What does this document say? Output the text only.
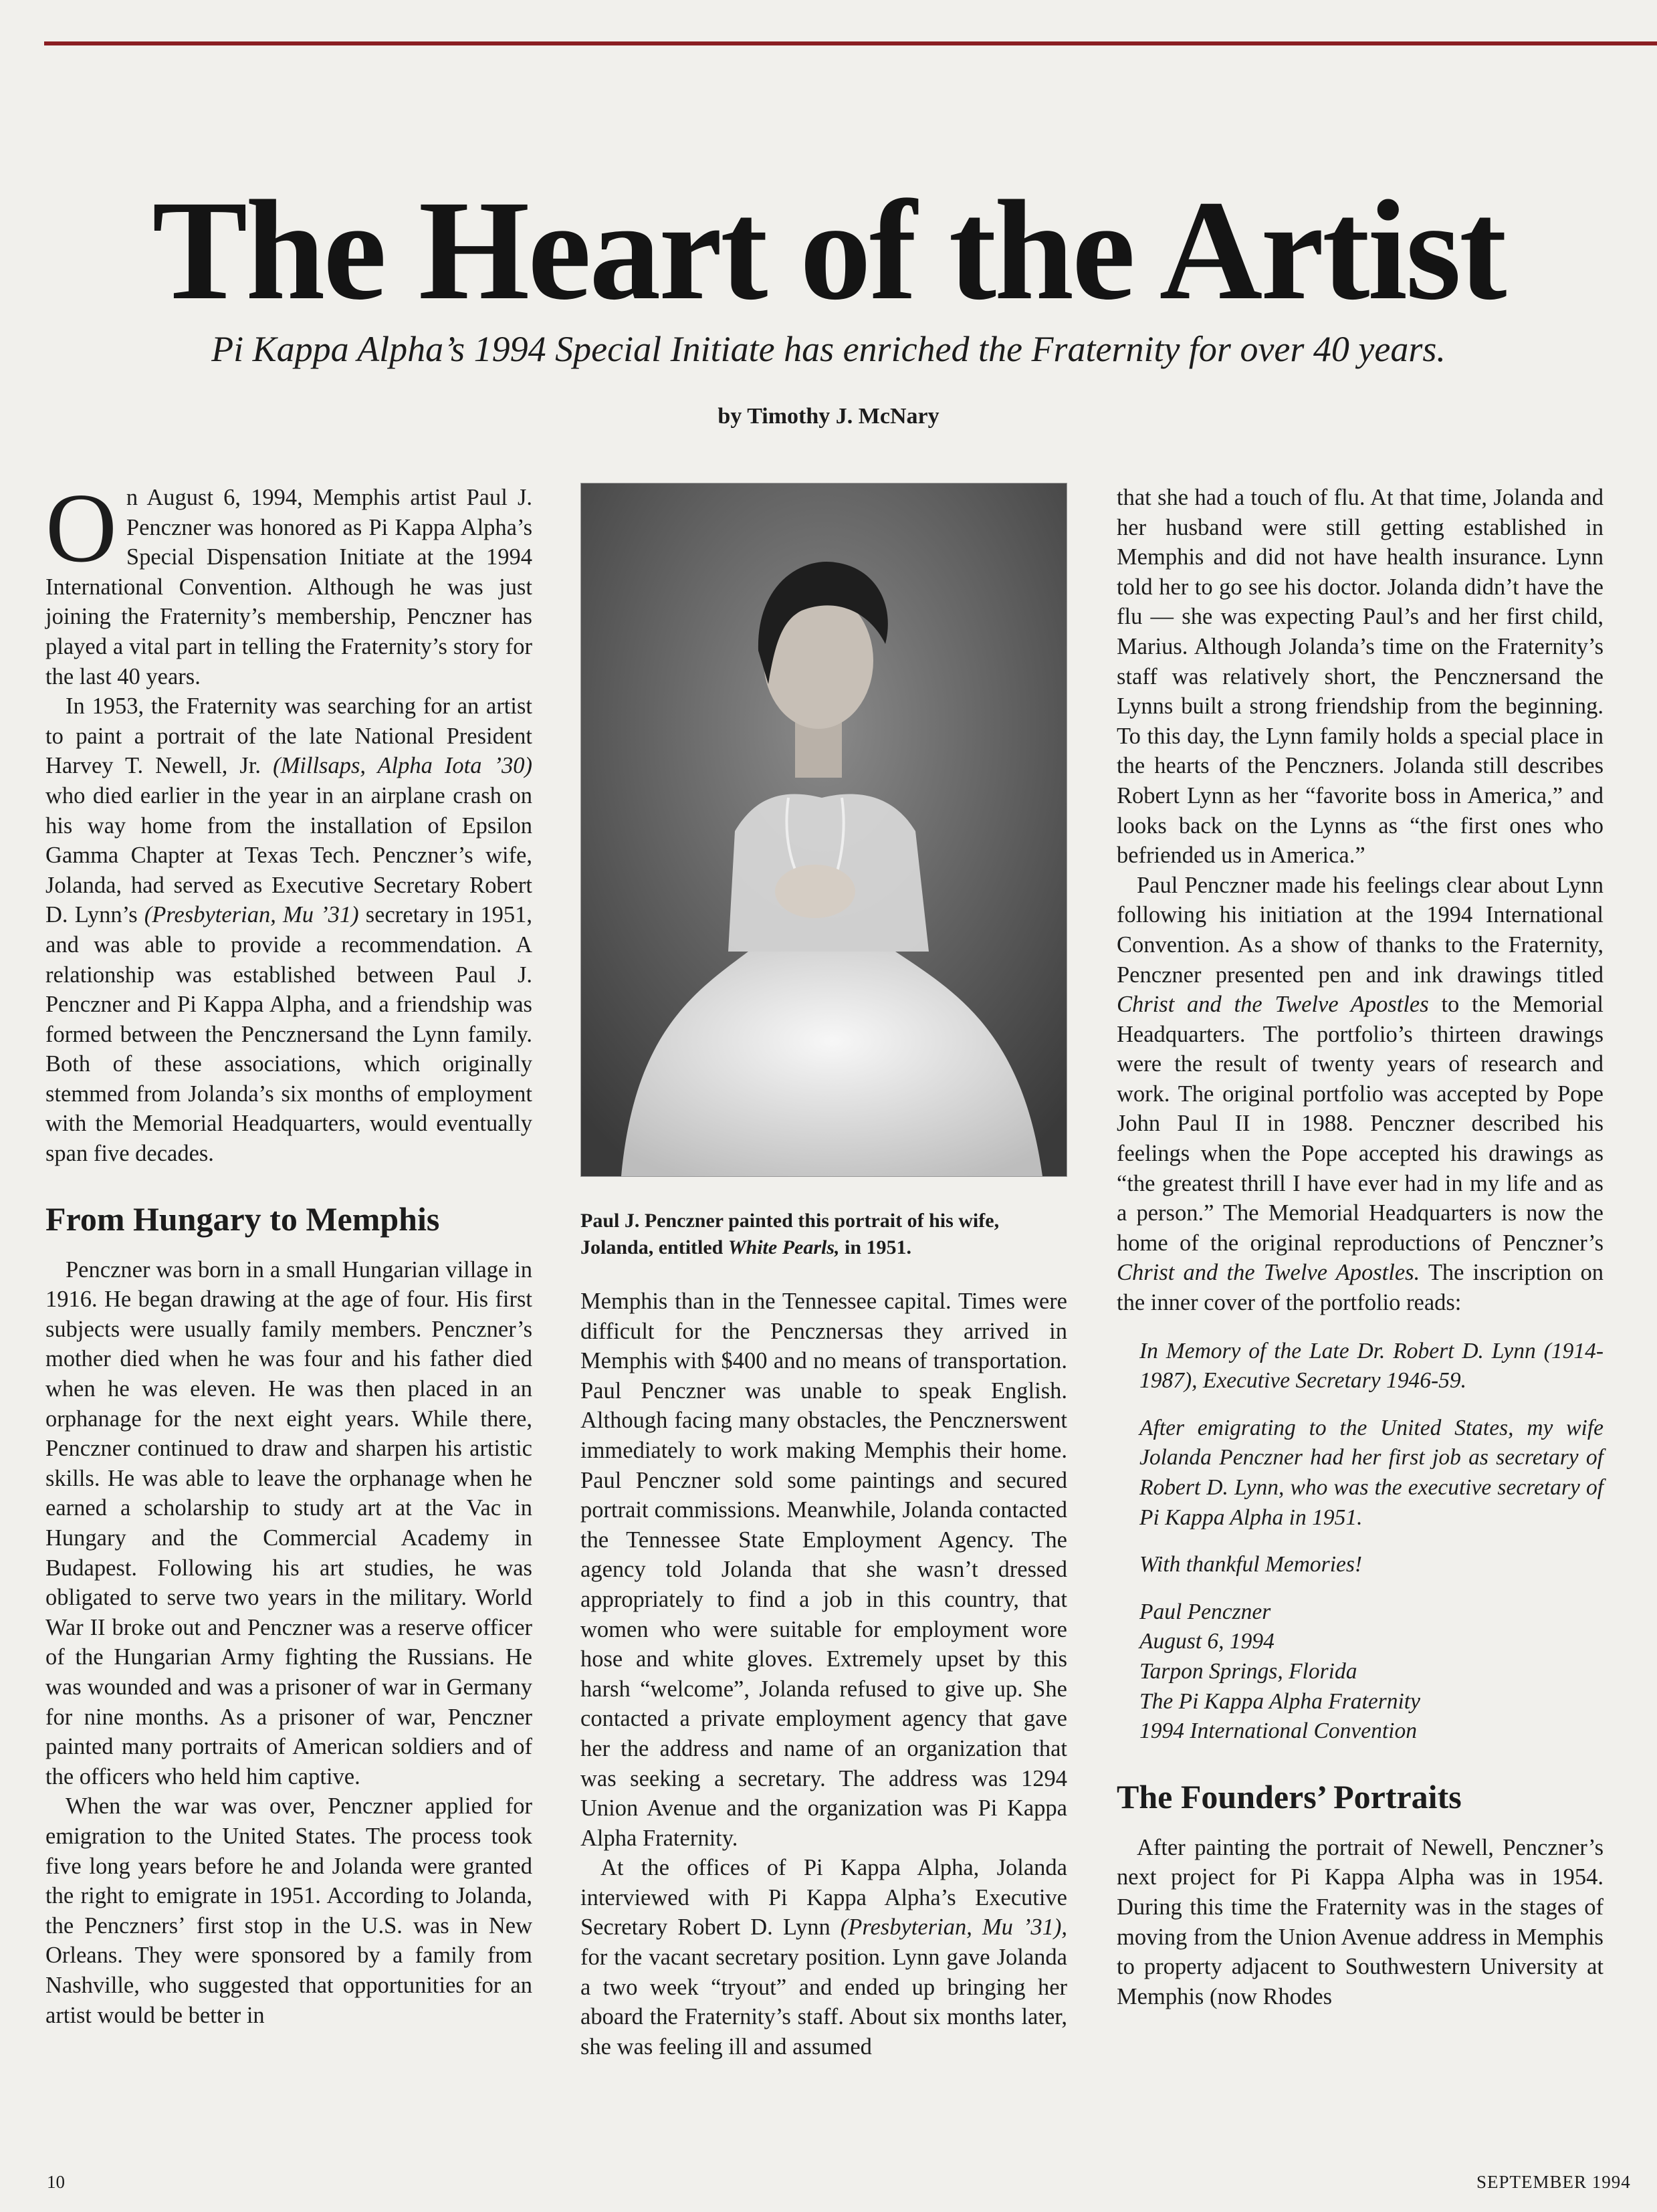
The Heart of the Artist
Pi Kappa Alpha’s 1994 Special Initiate has enriched the Fraternity for over 40 years.
by Timothy J. McNary

On August 6, 1994, Memphis artist Paul J. Penczner was honored as Pi Kappa Alpha’s Special Dispensation Initiate at the 1994 International Convention. Although he was just joining the Fraternity’s membership, Penczner has played a vital part in telling the Fraternity’s story for the last 40 years.

In 1953, the Fraternity was searching for an artist to paint a portrait of the late National President Harvey T. Newell, Jr. (Millsaps, Alpha Iota ’30) who died earlier in the year in an airplane crash on his way home from the installation of Epsilon Gamma Chapter at Texas Tech. Penczner’s wife, Jolanda, had served as Executive Secretary Robert D. Lynn’s (Presbyterian, Mu ’31) secretary in 1951, and was able to provide a recommendation. A relationship was established between Paul J. Penczner and Pi Kappa Alpha, and a friendship was formed between the Pencznersand the Lynn family. Both of these associations, which originally stemmed from Jolanda’s six months of employment with the Memorial Headquarters, would eventually span five decades.

From Hungary to Memphis

Penczner was born in a small Hungarian village in 1916. He began drawing at the age of four. His first subjects were usually family members. Penczner’s mother died when he was four and his father died when he was eleven. He was then placed in an orphanage for the next eight years. While there, Penczner continued to draw and sharpen his artistic skills. He was able to leave the orphanage when he earned a scholarship to study art at the Vac in Hungary and the Commercial Academy in Budapest. Following his art studies, he was obligated to serve two years in the military. World War II broke out and Penczner was a reserve officer of the Hungarian Army fighting the Russians. He was wounded and was a prisoner of war in Germany for nine months. As a prisoner of war, Penczner painted many portraits of American soldiers and of the officers who held him captive.

When the war was over, Penczner applied for emigration to the United States. The process took five long years before he and Jolanda were granted the right to emigrate in 1951. According to Jolanda, the Pencznersʼ first stop in the U.S. was in New Orleans. They were sponsored by a family from Nashville, who suggested that opportunities for an artist would be better in

Paul J. Penczner painted this portrait of his wife, Jolanda, entitled White Pearls, in 1951.

Memphis than in the Tennessee capital. Times were difficult for the Pencznersas they arrived in Memphis with $400 and no means of transportation. Paul Penczner was unable to speak English. Although facing many obstacles, the Pencznerswent immediately to work making Memphis their home. Paul Penczner sold some paintings and secured portrait commissions. Meanwhile, Jolanda contacted the Tennessee State Employment Agency. The agency told Jolanda that she wasn’t dressed appropriately to find a job in this country, that women who were suitable for employment wore hose and white gloves. Extremely upset by this harsh “welcome”, Jolanda refused to give up. She contacted a private employment agency that gave her the address and name of an organization that was seeking a secretary. The address was 1294 Union Avenue and the organization was Pi Kappa Alpha Fraternity.

At the offices of Pi Kappa Alpha, Jolanda interviewed with Pi Kappa Alpha’s Executive Secretary Robert D. Lynn (Presbyterian, Mu ’31), for the vacant secretary position. Lynn gave Jolanda a two week “tryout” and ended up bringing her aboard the Fraternity’s staff. About six months later, she was feeling ill and assumed

that she had a touch of flu. At that time, Jolanda and her husband were still getting established in Memphis and did not have health insurance. Lynn told her to go see his doctor. Jolanda didn’t have the flu — she was expecting Paul’s and her first child, Marius. Although Jolanda’s time on the Fraternity’s staff was relatively short, the Pencznersand the Lynns built a strong friendship from the beginning. To this day, the Lynn family holds a special place in the hearts of the Penczners. Jolanda still describes Robert Lynn as her “favorite boss in America,” and looks back on the Lynns as “the first ones who befriended us in America.”

Paul Penczner made his feelings clear about Lynn following his initiation at the 1994 International Convention. As a show of thanks to the Fraternity, Penczner presented pen and ink drawings titled Christ and the Twelve Apostles to the Memorial Headquarters. The portfolio’s thirteen drawings were the result of twenty years of research and work. The original portfolio was accepted by Pope John Paul II in 1988. Penczner described his feelings when the Pope accepted his drawings as “the greatest thrill I have ever had in my life and as a person.” The Memorial Headquarters is now the home of the original reproductions of Penczner’s Christ and the Twelve Apostles. The inscription on the inner cover of the portfolio reads:

In Memory of the Late Dr. Robert D. Lynn (1914-1987), Executive Secretary 1946-59.

After emigrating to the United States, my wife Jolanda Penczner had her first job as secretary of Robert D. Lynn, who was the executive secretary of Pi Kappa Alpha in 1951.

With thankful Memories!

Paul Penczner
August 6, 1994
Tarpon Springs, Florida
The Pi Kappa Alpha Fraternity
1994 International Convention
The Founders’ Portraits

After painting the portrait of Newell, Penczner’s next project for Pi Kappa Alpha was in 1954. During this time the Fraternity was in the stages of moving from the Union Avenue address in Memphis to property adjacent to Southwestern University at Memphis (now Rhodes

10	SEPTEMBER 1994
